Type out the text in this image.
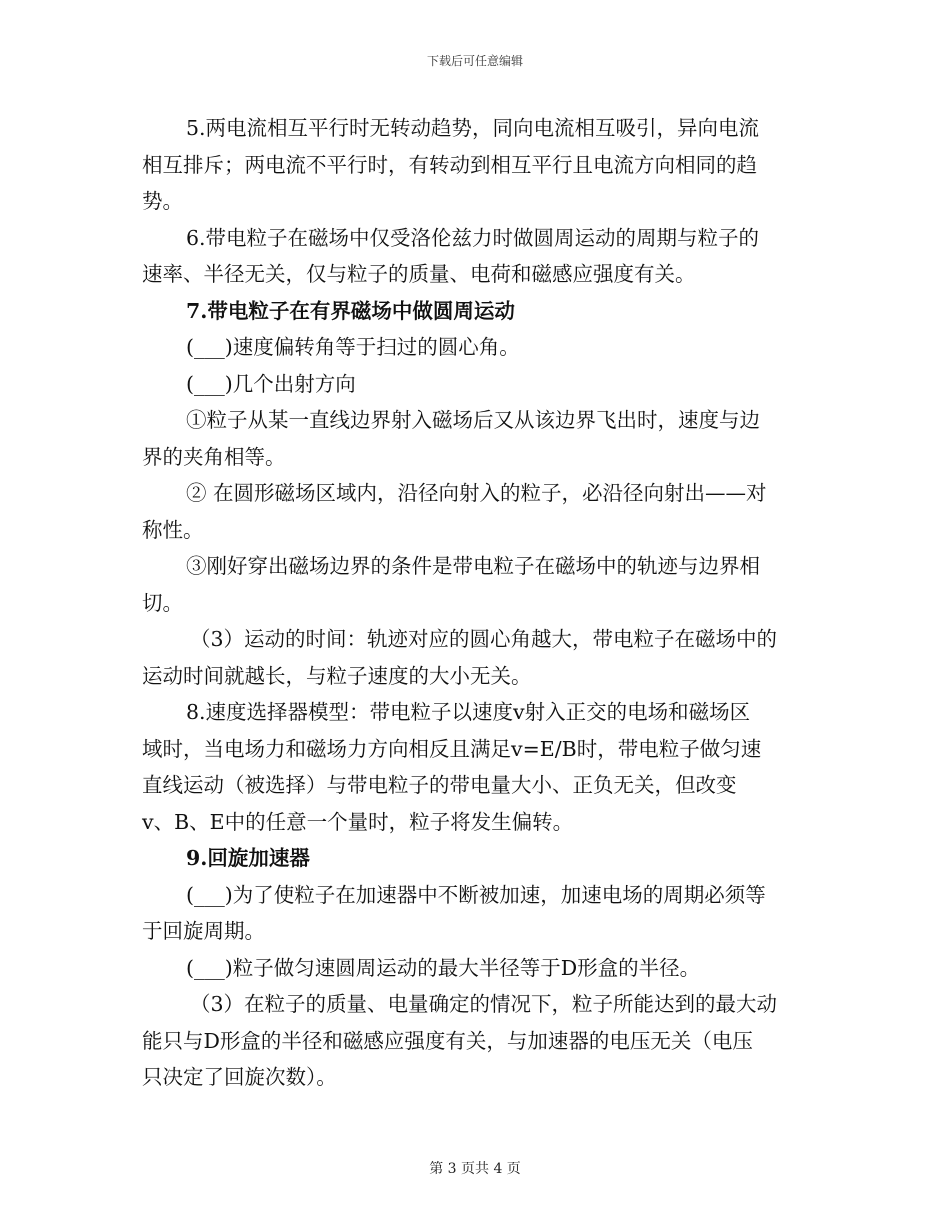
下载后可任意编辑
5.两电流相互平行时无转动趋势，同向电流相互吸引，异向电流
相互排斥；两电流不平行时，有转动到相互平行且电流方向相同的趋
势。
6.带电粒子在磁场中仅受洛伦兹力时做圆周运动的周期与粒子的
速率、半径无关，仅与粒子的质量、电荷和磁感应强度有关。
7.带电粒子在有界磁场中做圆周运动
(___)速度偏转角等于扫过的圆心角。
(___)几个出射方向
①粒子从某一直线边界射入磁场后又从该边界飞出时，速度与边
界的夹角相等。
② 在圆形磁场区域内，沿径向射入的粒子，必沿径向射出——对
称性。
③刚好穿出磁场边界的条件是带电粒子在磁场中的轨迹与边界相
切。
（3）运动的时间：轨迹对应的圆心角越大，带电粒子在磁场中的
运动时间就越长，与粒子速度的大小无关。
8.速度选择器模型：带电粒子以速度v射入正交的电场和磁场区
域时，当电场力和磁场力方向相反且满足v=E/B时，带电粒子做匀速
直线运动（被选择）与带电粒子的带电量大小、正负无关，但改变
v、B、E中的任意一个量时，粒子将发生偏转。
9.回旋加速器
(___)为了使粒子在加速器中不断被加速，加速电场的周期必须等
于回旋周期。
(___)粒子做匀速圆周运动的最大半径等于D形盒的半径。
（3）在粒子的质量、电量确定的情况下，粒子所能达到的最大动
能只与D形盒的半径和磁感应强度有关，与加速器的电压无关（电压
只决定了回旋次数）。
第 3 页共 4 页
